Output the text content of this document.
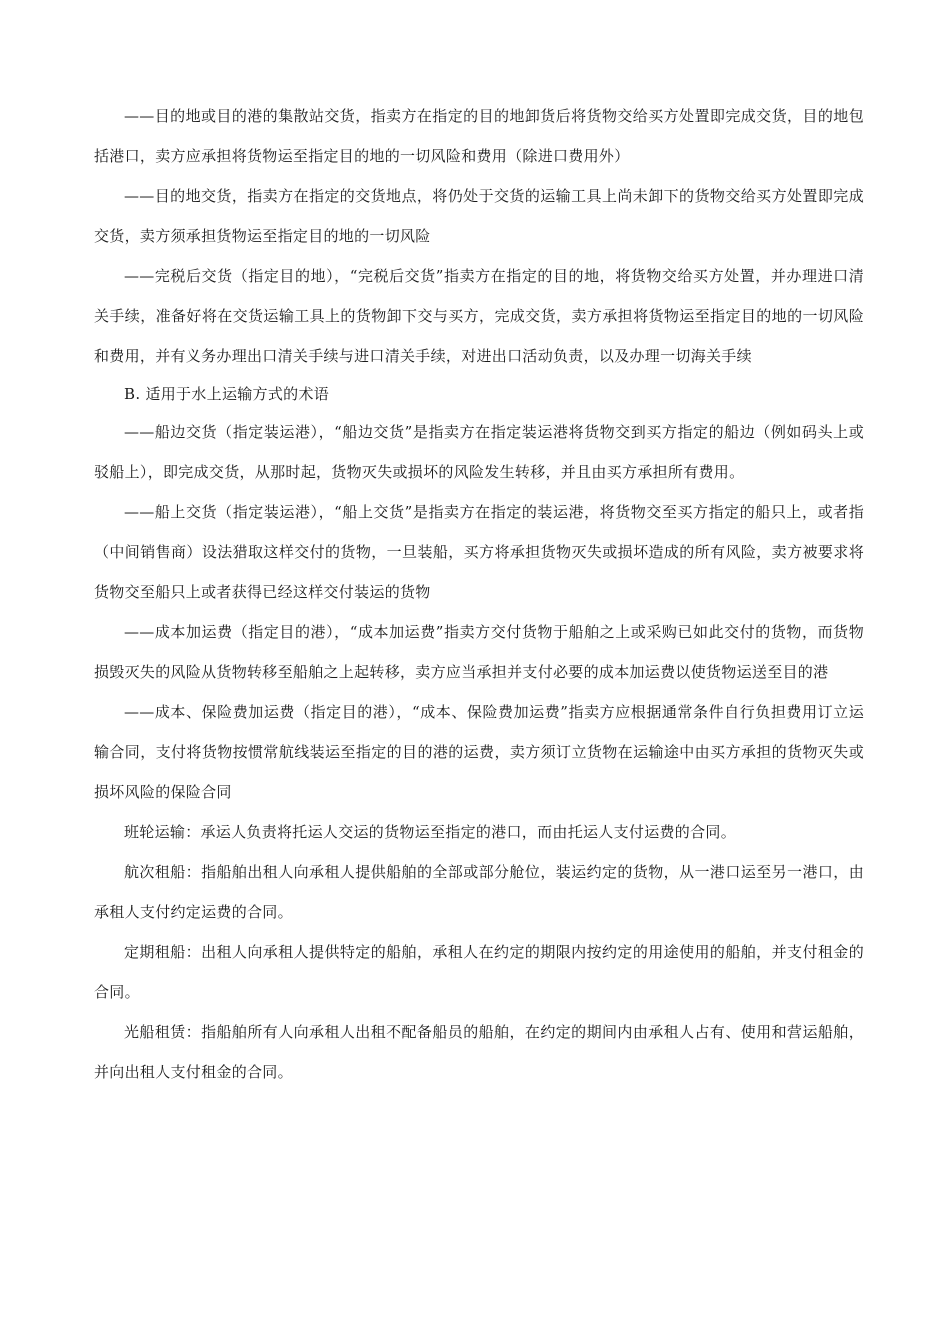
——目的地或目的港的集散站交货，指卖方在指定的目的地卸货后将货物交给买方处置即完成交货，目的地包括港口，卖方应承担将货物运至指定目的地的一切风险和费用（除进口费用外）

——目的地交货，指卖方在指定的交货地点，将仍处于交货的运输工具上尚未卸下的货物交给买方处置即完成交货，卖方须承担货物运至指定目的地的一切风险

——完税后交货（指定目的地），“完税后交货”指卖方在指定的目的地，将货物交给买方处置，并办理进口清关手续，准备好将在交货运输工具上的货物卸下交与买方，完成交货，卖方承担将货物运至指定目的地的一切风险和费用，并有义务办理出口清关手续与进口清关手续，对进出口活动负责，以及办理一切海关手续

B. 适用于水上运输方式的术语

——船边交货（指定装运港），“船边交货”是指卖方在指定装运港将货物交到买方指定的船边（例如码头上或驳船上），即完成交货，从那时起，货物灭失或损坏的风险发生转移，并且由买方承担所有费用。

——船上交货（指定装运港），“船上交货”是指卖方在指定的装运港，将货物交至买方指定的船只上，或者指（中间销售商）设法猎取这样交付的货物，一旦装船，买方将承担货物灭失或损坏造成的所有风险，卖方被要求将货物交至船只上或者获得已经这样交付装运的货物

——成本加运费（指定目的港），“成本加运费”指卖方交付货物于船舶之上或采购已如此交付的货物，而货物损毁灭失的风险从货物转移至船舶之上起转移，卖方应当承担并支付必要的成本加运费以使货物运送至目的港

——成本、保险费加运费（指定目的港），“成本、保险费加运费”指卖方应根据通常条件自行负担费用订立运输合同，支付将货物按惯常航线装运至指定的目的港的运费，卖方须订立货物在运输途中由买方承担的货物灭失或损坏风险的保险合同

班轮运输：承运人负责将托运人交运的货物运至指定的港口，而由托运人支付运费的合同。

航次租船：指船舶出租人向承租人提供船舶的全部或部分舱位，装运约定的货物，从一港口运至另一港口，由承租人支付约定运费的合同。

定期租船：出租人向承租人提供特定的船舶，承租人在约定的期限内按约定的用途使用的船舶，并支付租金的合同。

光船租赁：指船舶所有人向承租人出租不配备船员的船舶，在约定的期间内由承租人占有、使用和营运船舶，并向出租人支付租金的合同。
